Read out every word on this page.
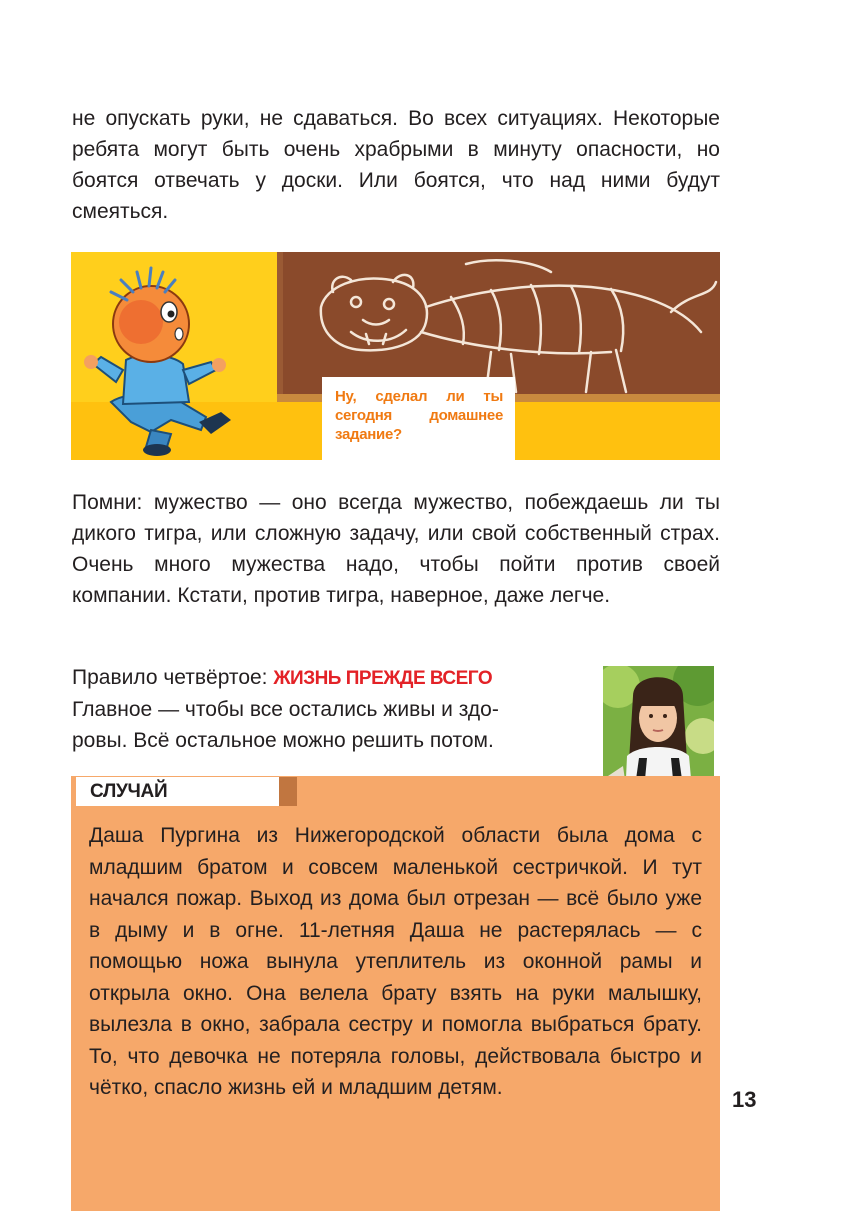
не опускать руки, не сдаваться. Во всех ситуациях. Некоторые ребята могут быть очень храбрыми в минуту опасности, но боятся отвечать у доски. Или боятся, что над ними будут смеяться.

Ну, сделал ли ты сегодня домашнее задание?

Помни: мужество — оно всегда мужество, побеждаешь ли ты дикого тигра, или сложную задачу, или свой собственный страх. Очень много мужества надо, чтобы пойти против своей компании. Кстати, против тигра, наверное, даже легче.

Правило четвёртое: ЖИЗНЬ ПРЕЖДЕ ВСЕГО
Главное — чтобы все остались живы и здо-
ровы. Всё остальное можно решить потом.
СЛУЧАЙ

Даша Пургина из Нижегородской области была дома с младшим братом и совсем маленькой сестричкой. И тут начался пожар. Выход из дома был отрезан — всё было уже в дыму и в огне. 11-летняя Даша не растерялась — с помощью ножа вынула утеплитель из оконной рамы и открыла окно. Она велела брату взять на руки малышку, вылезла в окно, забрала сестру и помогла выбраться брату. То, что девочка не потеряла головы, действовала быстро и чётко, спасло жизнь ей и младшим детям.	13
